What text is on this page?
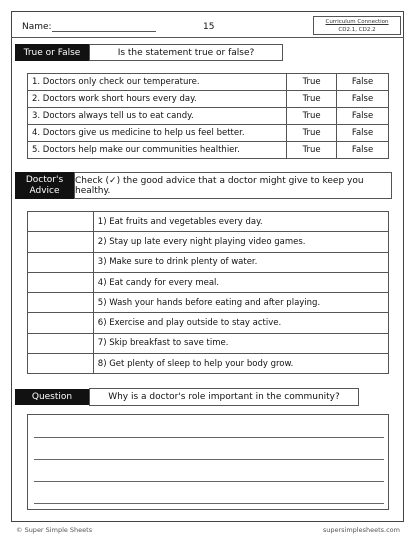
Name:	15	Curriculum Connection
CD2.1, CD2.2
True or False	Is the statement true or false?
1. Doctors only check our temperature.	True	False
2. Doctors work short hours every day.	True	False
3. Doctors always tell us to eat candy.	True	False
4. Doctors give us medicine to help us feel better.	True	False
5. Doctors help make our communities healthier.	True	False
Doctor's
Advice
Check (✓) the good advice that a doctor might give to keep you healthy.
	1) Eat fruits and vegetables every day.
	2) Stay up late every night playing video games.
	3) Make sure to drink plenty of water.
	4) Eat candy for every meal.
	5) Wash your hands before eating and after playing.
	6) Exercise and play outside to stay active.
	7) Skip breakfast to save time.
	8) Get plenty of sleep to help your body grow.
Question	Why is a doctor's role important in the community?
© Super Simple Sheets	supersimplesheets.com
